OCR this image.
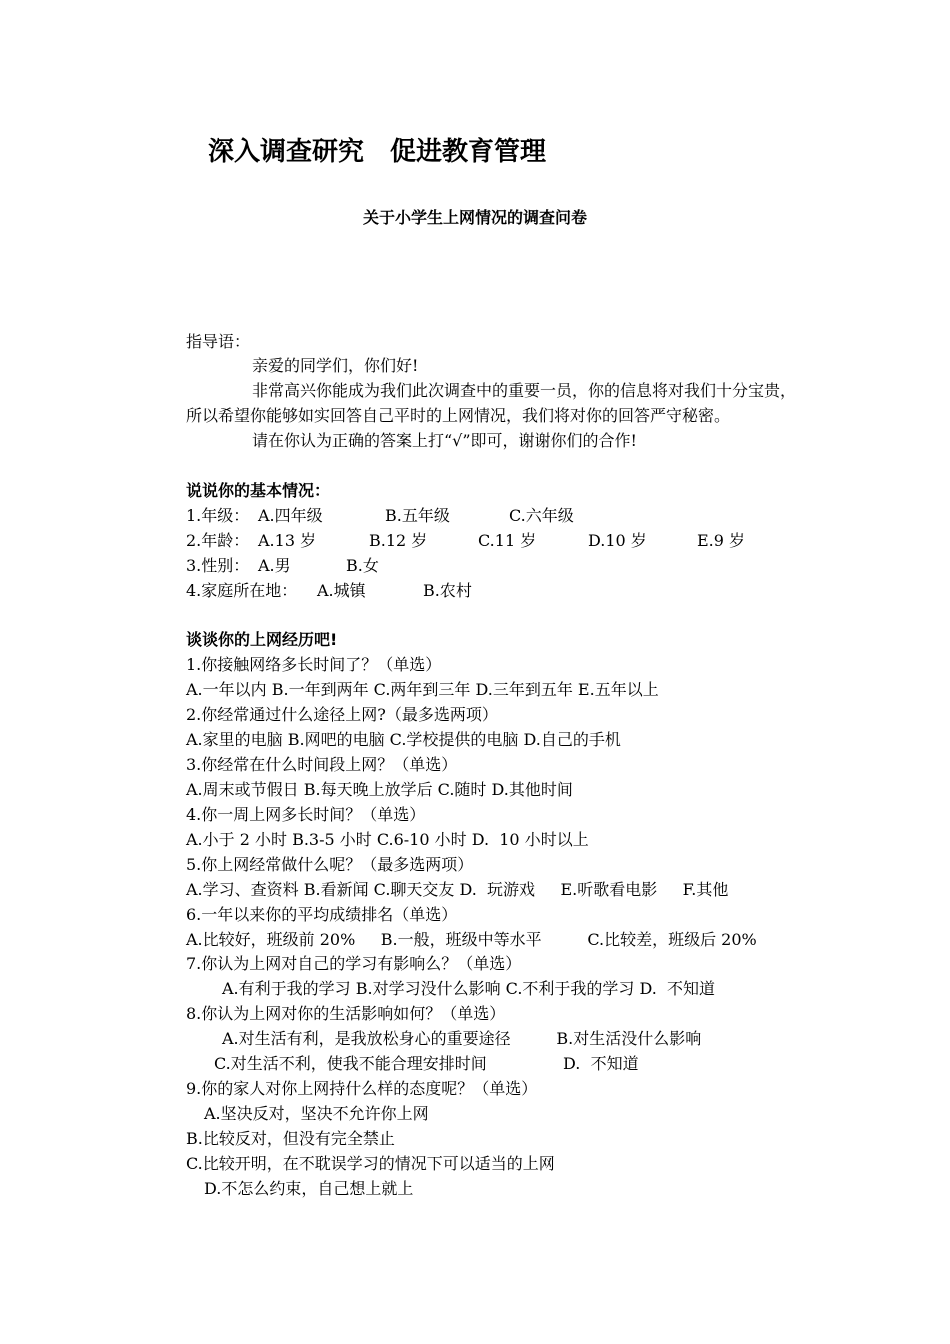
深入调查研究　促进教育管理
关于小学生上网情况的调查问卷
指导语：
亲爱的同学们，你们好!
非常高兴你能成为我们此次调查中的重要一员，你的信息将对我们十分宝贵，
所以希望你能够如实回答自己平时的上网情况，我们将对你的回答严守秘密。
请在你认为正确的答案上打“√”即可，谢谢你们的合作!
说说你的基本情况：
1.年级： A.四年级	B.五年级	C.六年级
2.年龄： A.13 岁	B.12 岁	C.11 岁	D.10 岁	E.9 岁
3.性别： A.男	B.女
4.家庭所在地： A.城镇	B.农村
谈谈你的上网经历吧!
1.你接触网络多长时间了？（单选）
A.一年以内 B.一年到两年 C.两年到三年 D.三年到五年 E.五年以上
2.你经常通过什么途径上网?（最多选两项）
A.家里的电脑 B.网吧的电脑 C.学校提供的电脑 D.自己的手机
3.你经常在什么时间段上网？（单选）
A.周末或节假日 B.每天晚上放学后 C.随时 D.其他时间
4.你一周上网多长时间？（单选）
A.小于 2 小时 B.3-5 小时 C.6-10 小时 D.  10 小时以上
5.你上网经常做什么呢？（最多选两项）
A.学习、查资料 B.看新闻 C.聊天交友 D.  玩游戏     E.听歌看电影     F.其他
6.一年以来你的平均成绩排名（单选）
A.比较好，班级前 20%     B.一般，班级中等水平         C.比较差，班级后 20%
7.你认为上网对自己的学习有影响么？（单选）
A.有利于我的学习 B.对学习没什么影响 C.不利于我的学习 D.  不知道
8.你认为上网对你的生活影响如何？（单选）
A.对生活有利，是我放松身心的重要途径         B.对生活没什么影响
C.对生活不利，使我不能合理安排时间               D.  不知道
9.你的家人对你上网持什么样的态度呢？（单选）
A.坚决反对，坚决不允许你上网
B.比较反对，但没有完全禁止
C.比较开明，在不耽误学习的情况下可以适当的上网
D.不怎么约束，自己想上就上
